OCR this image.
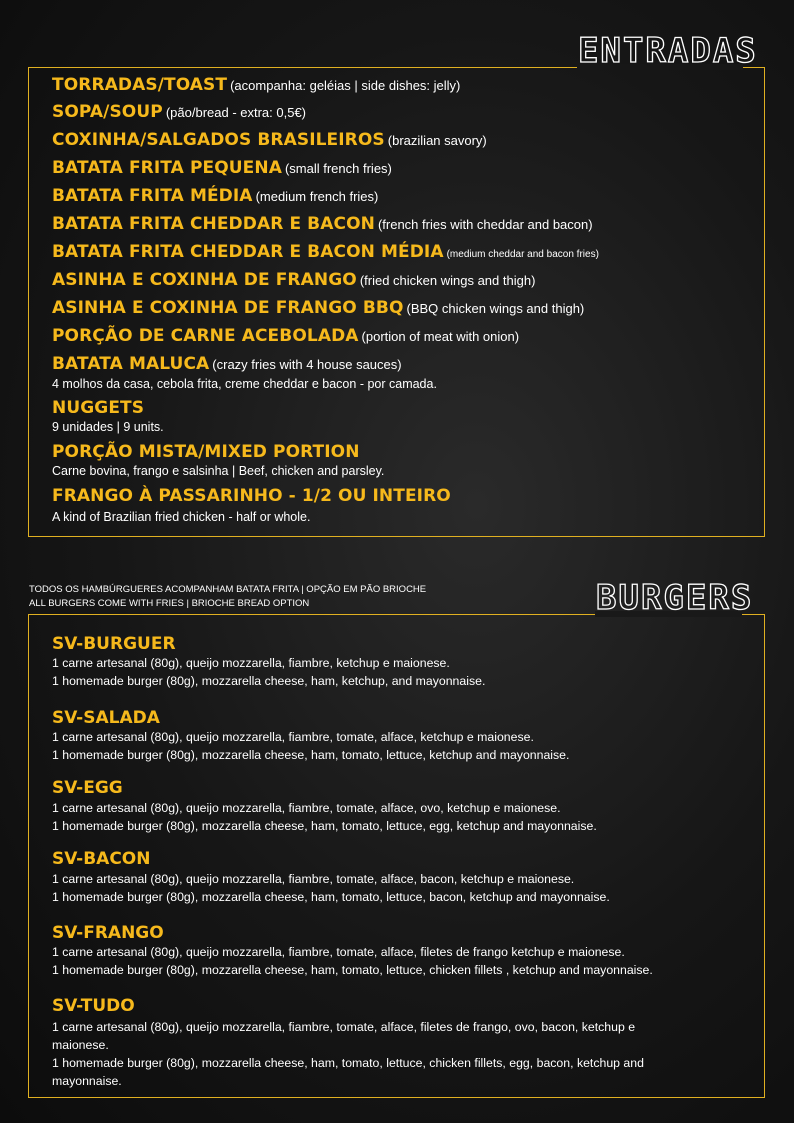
ENTRADAS
TORRADAS/TOAST (acompanha: geléias | side dishes: jelly)
SOPA/SOUP (pão/bread - extra: 0,5€)
COXINHA/SALGADOS BRASILEIROS (brazilian savory)
BATATA FRITA PEQUENA (small french fries)
BATATA FRITA MÉDIA (medium french fries)
BATATA FRITA CHEDDAR E BACON (french fries with cheddar and bacon)
BATATA FRITA CHEDDAR E BACON MÉDIA (medium cheddar and bacon fries)
ASINHA E COXINHA DE FRANGO (fried chicken wings and thigh)
ASINHA E COXINHA DE FRANGO BBQ (BBQ chicken wings and thigh)
PORÇÃO DE CARNE ACEBOLADA (portion of meat with onion)
BATATA MALUCA (crazy fries with 4 house sauces)
4 molhos da casa, cebola frita, creme cheddar e bacon - por camada.
NUGGETS
9 unidades | 9 units.
PORÇÃO MISTA/MIXED PORTION
Carne bovina, frango e salsinha | Beef, chicken and parsley.
FRANGO À PASSARINHO - 1/2 OU INTEIRO
A kind of Brazilian fried chicken - half or whole.
TODOS OS HAMBÚRGUERES ACOMPANHAM BATATA FRITA | OPÇÃO EM PÃO BRIOCHE
ALL BURGERS COME WITH FRIES | BRIOCHE BREAD OPTION	BURGERS
SV-BURGUER
1 carne artesanal (80g), queijo mozzarella, fiambre, ketchup e maionese.
1 homemade burger (80g), mozzarella cheese, ham, ketchup, and mayonnaise.
SV-SALADA
1 carne artesanal (80g), queijo mozzarella, fiambre, tomate, alface, ketchup e maionese.
1 homemade burger (80g), mozzarella cheese, ham, tomato, lettuce, ketchup and mayonnaise.
SV-EGG
1 carne artesanal (80g), queijo mozzarella, fiambre, tomate, alface, ovo, ketchup e maionese.
1 homemade burger (80g), mozzarella cheese, ham, tomato, lettuce, egg, ketchup and mayonnaise.
SV-BACON
1 carne artesanal (80g), queijo mozzarella, fiambre, tomate, alface, bacon, ketchup e maionese.
1 homemade burger (80g), mozzarella cheese, ham, tomato, lettuce, bacon, ketchup and mayonnaise.
SV-FRANGO
1 carne artesanal (80g), queijo mozzarella, fiambre, tomate, alface, filetes de frango ketchup e maionese.
1 homemade burger (80g), mozzarella cheese, ham, tomato, lettuce, chicken fillets , ketchup and mayonnaise.
SV-TUDO
1 carne artesanal (80g), queijo mozzarella, fiambre, tomate, alface, filetes de frango, ovo, bacon, ketchup e
maionese.
1 homemade burger (80g), mozzarella cheese, ham, tomato, lettuce, chicken fillets, egg, bacon, ketchup and
mayonnaise.
